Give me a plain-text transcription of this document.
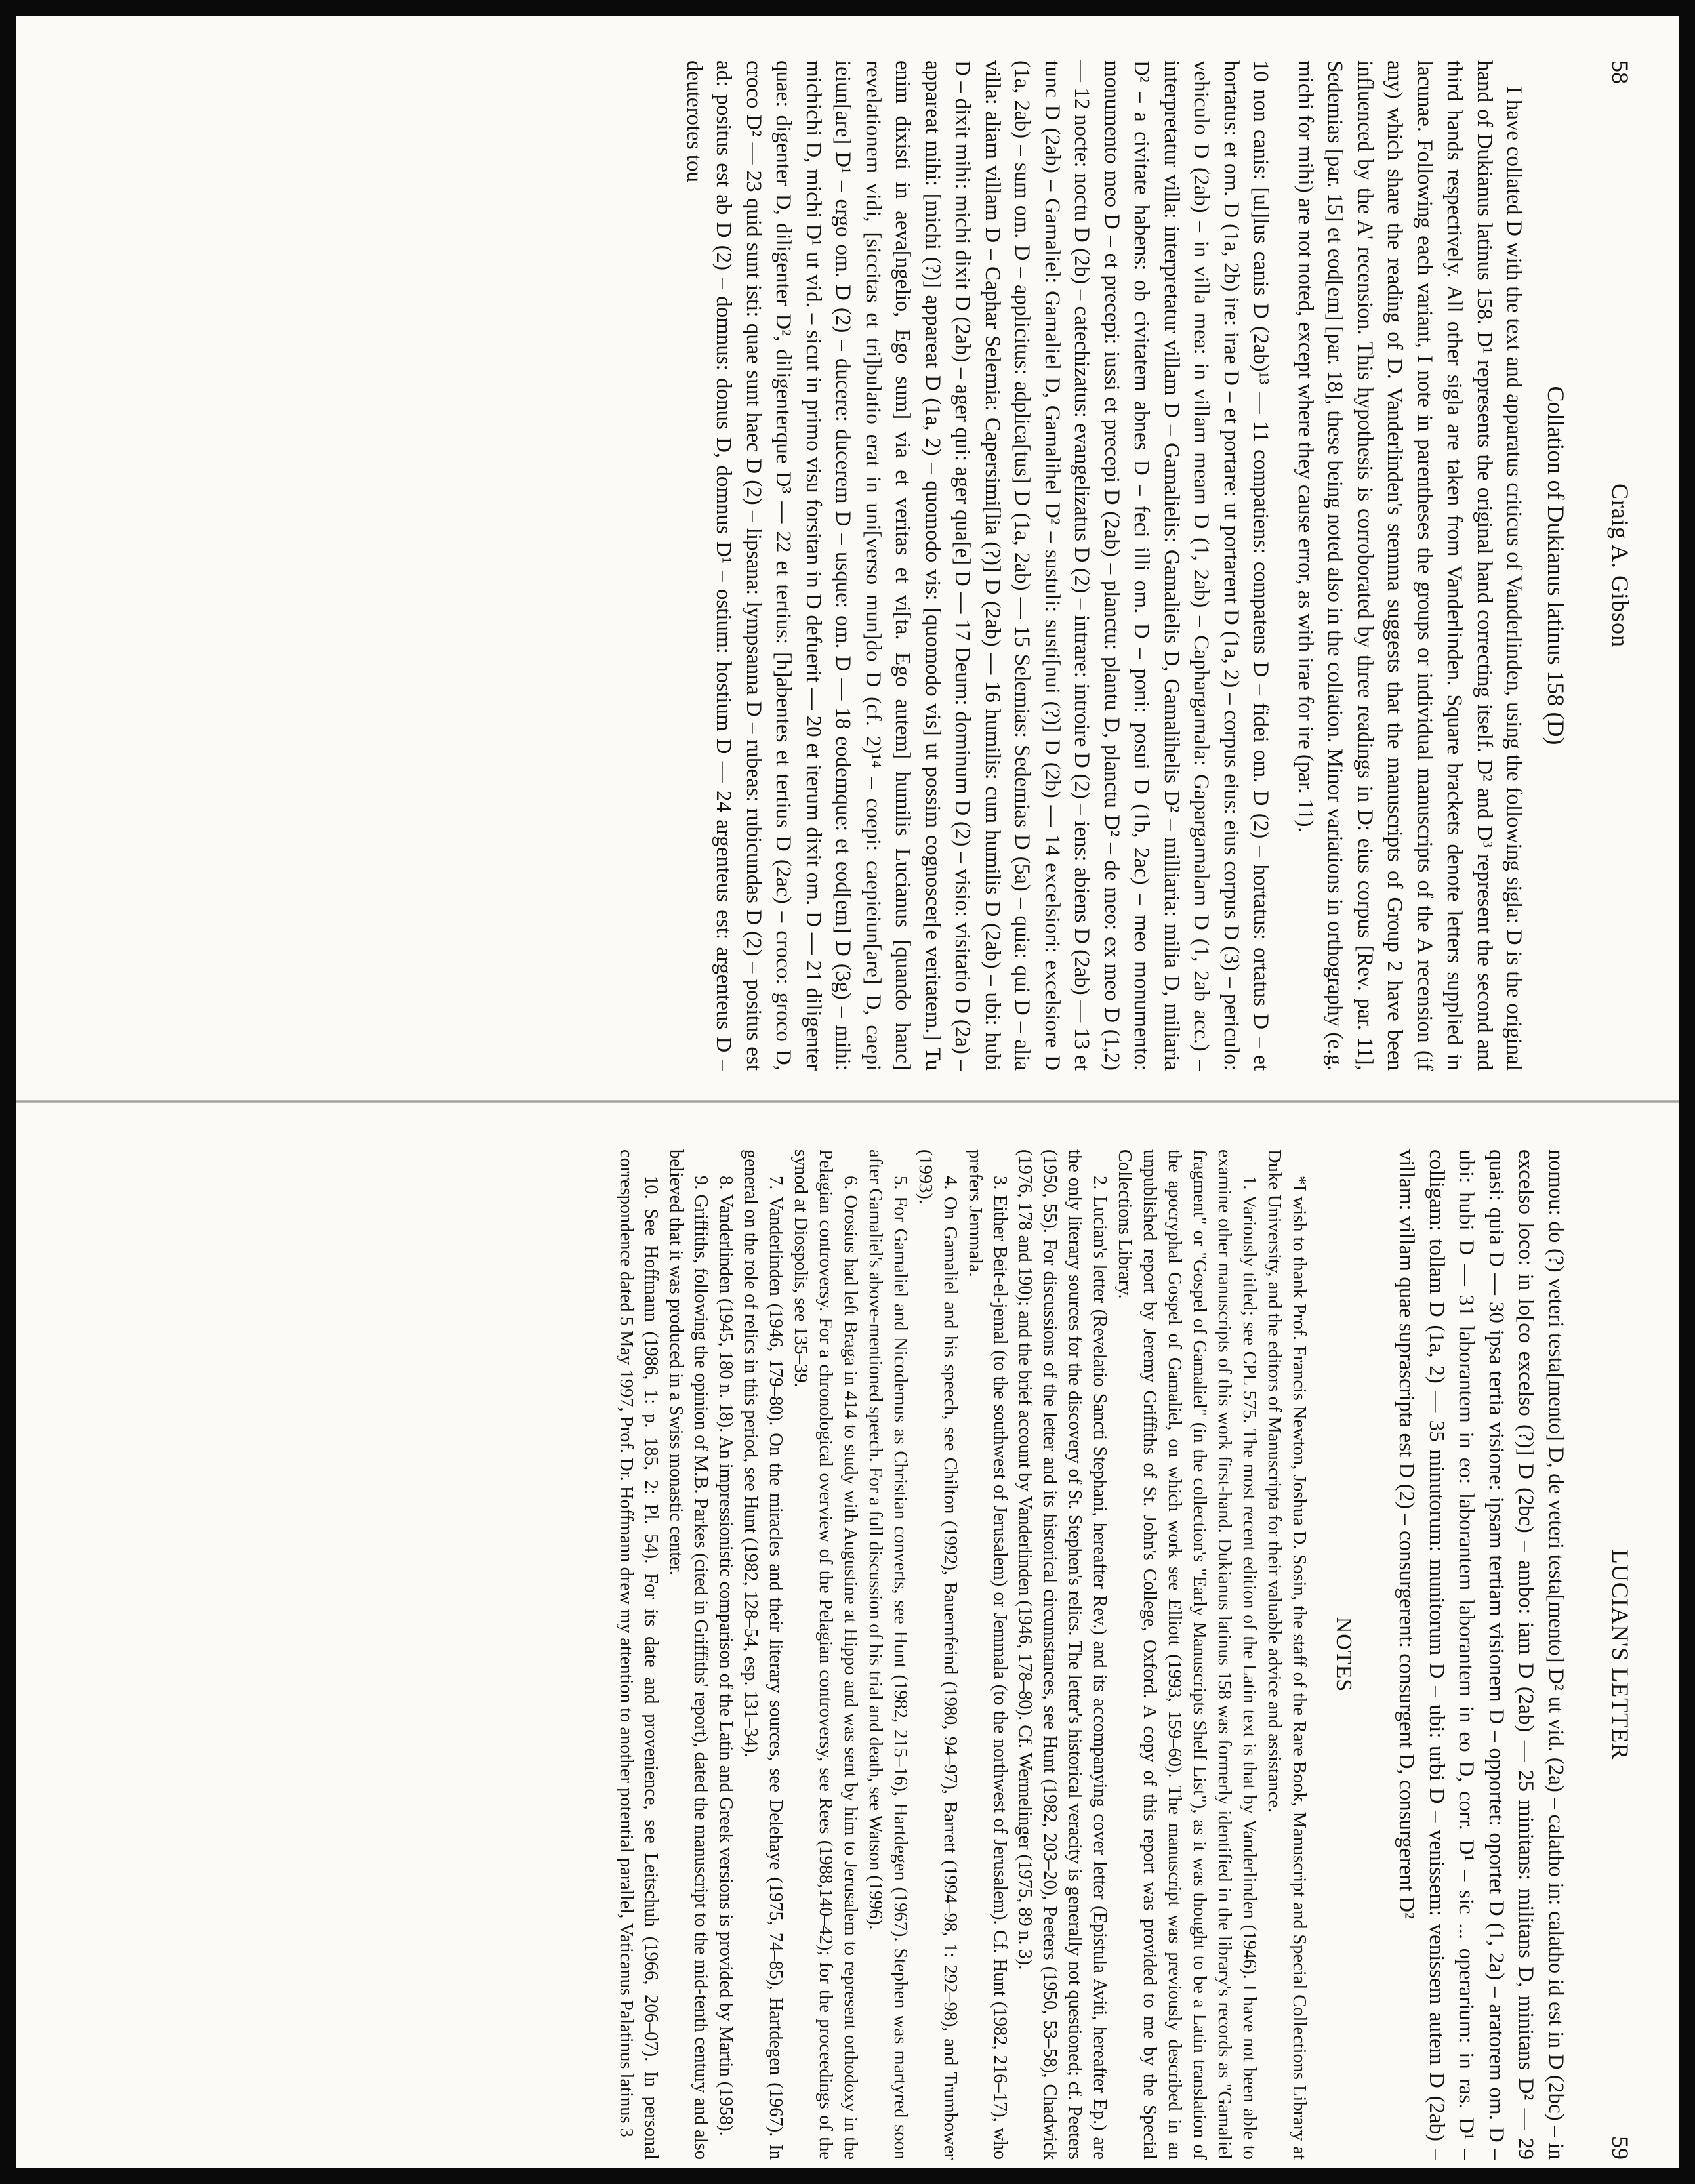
58
Craig A. Gibson
Collation of Dukianus latinus 158 (D)

I have collated D with the text and apparatus criticus of Vanderlinden, using the following sigla: D is the original hand of Dukianus latinus 158. D¹ represents the original hand correcting itself. D² and D³ represent the second and third hands respectively. All other sigla are taken from Vanderlinden. Square brackets denote letters supplied in lacunae. Following each variant, I note in parentheses the groups or individual manuscripts of the A recension (if any) which share the reading of D. Vanderlinden's stemma suggests that the manuscripts of Group 2 have been influenced by the A' recension. This hypothesis is corroborated by three readings in D: eius corpus [Rev. par. 11], Sedemias [par. 15] et eod[em] [par. 18], these being noted also in the collation. Minor variations in orthography (e.g. michi for mihi) are not noted, except where they cause error, as with irae for ire (par. 11).

10 non canis: [ul]lus canis D (2ab)¹³ — 11 compatiens: compatens D – fidei om. D (2) – hortatus: ortatus D – et hortatus: et om. D (1a, 2b) ire: irae D – et portare: ut portarent D (1a, 2) – corpus eius: eius corpus D (3) – periculo: vehiculo D (2ab) – in villa mea: in villam meam D (1, 2ab) – Caphargamala: Gapargamalam D (1, 2ab acc.) – interpretatur villa: interpretatur villam D – Gamalielis: Gamalielis D, Gamalihelis D² – milliaria: milia D, miliaria D² – a civitate habens: ob civitatem abnes D – feci illi om. D – poni: posui D (1b, 2ac) – meo monumento: monumento meo D – et precepi: iussi et precepi D (2ab) – planctu: plantu D, planctu D² – de meo: ex meo D (1,2) — 12 nocte: noctu D (2b) – catechizatus: evangelizatus D (2) – intrare: introire D (2) – iens: abiens D (2ab) — 13 et tunc D (2ab) – Gamaliel: Gamaliel D, Gamalihel D² – sustuli: susti[nui (?)] D (2b) — 14 excelsiori: excelsiore D (1a, 2ab) – sum om. D – applicitus: adplica[tus] D (1a, 2ab) — 15 Selemias: Sedemias D (5a) – quia: qui D – alia villa: aliam villam D – Caphar Selemia: Capersimi[lia (?)] D (2ab) — 16 humilis: cum humilis D (2ab) – ubi: hubi D – dixit mihi: michi dixit D (2ab) – ager qui: ager qua[e] D — 17 Deum: dominum D (2) – visio: visitatio D (2a) – appareat mihi: [michi (?)] appareat D (1a, 2) – quomodo vis: [quomodo vis] ut possim cognoscer[e veritatem.] Tu enim dixisti in aeva[ngelio, Ego sum] via et veritas et vi[ta. Ego autem] humilis Lucianus [quando hanc] revelationem vidi, [siccitas et tri]bulatio erat in uni[verso mun]do D (cf. 2)¹⁴ – coepi: caepieiun[are] D, caepi ieiun[are] D¹ – ergo om. D (2) – ducere: ducerem D – usque: om. D — 18 eodemque: et eod[em] D (3g) – mihi: michichi D, michi D¹ ut vid. – sicut in primo visu forsitan in D defuerit — 20 et iterum dixit om. D — 21 diligenter quae: digenter D, diligenter D², diligenterque D³ — 22 et tertius: [h]abentes et tertius D (2ac) – croco: groco D, croco D² — 23 quid sunt isti: quae sunt haec D (2) – lipsana: lympsanna D – rubeas: rubicundas D (2) – positus est ad: positus est ab D (2) – domnus: donus D, domnus D¹ – ostium: hostium D — 24 argenteus est: argenteus D – deuterotes tou

LUCIAN'S LETTER
59

nomou: do (?) veteri testa[mento] D, de veteri testa[mento] D² ut vid. (2a) – calatho in: calatho id est in D (2bc) – in excelso loco: in lo[co excelso (?)] D (2bc) – ambo: iam D (2ab) — 25 minitans: militans D, minitans D² — 29 quasi: quia D — 30 ipsa tertia visione: ipsam tertiam visionem D – opportet: oportet D (1, 2a) – aratorem om. D – ubi: hubi D — 31 laborantem in eo: laborantem laborantem in eo D, corr. D¹ – sic ... operarium: in ras. D¹ – colligam: tollam D (1a, 2) — 35 minutorum: munitorum D – ubi: urbi D – venissem: venissem autem D (2ab) – villam: villam quae suprascripta est D (2) – consurgerent: consurgent D, consurgerent D²

NOTES

*I wish to thank Prof. Francis Newton, Joshua D. Sosin, the staff of the Rare Book, Manuscript and Special Collections Library at Duke University, and the editors of Manuscripta for their valuable advice and assistance.

1. Variously titled; see CPL 575. The most recent edition of the Latin text is that by Vanderlinden (1946). I have not been able to examine other manuscripts of this work first-hand. Dukianus latinus 158 was formerly identified in the library's records as "Gamaliel fragment" or "Gospel of Gamaliel" (in the collection's "Early Manuscripts Shelf List"), as it was thought to be a Latin translation of the apocryphal Gospel of Gamaliel, on which work see Elliott (1993, 159–60). The manuscript was previously described in an unpublished report by Jeremy Griffiths of St. John's College, Oxford. A copy of this report was provided to me by the Special Collections Library.

2. Lucian's letter (Revelatio Sancti Stephani, hereafter Rev.) and its accompanying cover letter (Epistula Aviti, hereafter Ep.) are the only literary sources for the discovery of St. Stephen's relics. The letter's historical veracity is generally not questioned; cf. Peeters (1950, 55). For discussions of the letter and its historical circumstances, see Hunt (1982, 203–20), Peeters (1950, 53–58), Chadwick (1976, 178 and 190); and the brief account by Vanderlinden (1946, 178–80). Cf. Wermelinger (1975, 89 n. 3).

3. Either Beit-el-jemal (to the southwest of Jerusalem) or Jemmala (to the northwest of Jerusalem). Cf. Hunt (1982, 216–17), who prefers Jemmala.

4. On Gamaliel and his speech, see Chilton (1992), Bauernfeind (1980, 94–97), Barrett (1994–98, 1: 292–98), and Trumbower (1993).

5. For Gamaliel and Nicodemus as Christian converts, see Hunt (1982, 215–16), Hartdegen (1967). Stephen was martyred soon after Gamaliel's above-mentioned speech. For a full discussion of his trial and death, see Watson (1996).

6. Orosius had left Braga in 414 to study with Augustine at Hippo and was sent by him to Jerusalem to represent orthodoxy in the Pelagian controversy. For a chronological overview of the Pelagian controversy, see Rees (1988,140–42); for the proceedings of the synod at Diospolis, see 135–39.

7. Vanderlinden (1946, 179–80). On the miracles and their literary sources, see Delehaye (1975, 74–85), Hartdegen (1967). In general on the role of relics in this period, see Hunt (1982, 128–54, esp. 131–34).

8. Vanderlinden (1945, 180 n. 18). An impressionistic comparison of the Latin and Greek versions is provided by Martin (1958).

9. Griffiths, following the opinion of M.B. Parkes (cited in Griffiths' report), dated the manuscript to the mid-tenth century and also believed that it was produced in a Swiss monastic center.

10. See Hoffmann (1986, 1: p. 185, 2: Pl. 54). For its date and provenience, see Leitschuh (1966, 206–07). In personal correspondence dated 5 May 1997, Prof. Dr. Hoffmann drew my attention to another potential parallel, Vaticanus Palatinus latinus 3
